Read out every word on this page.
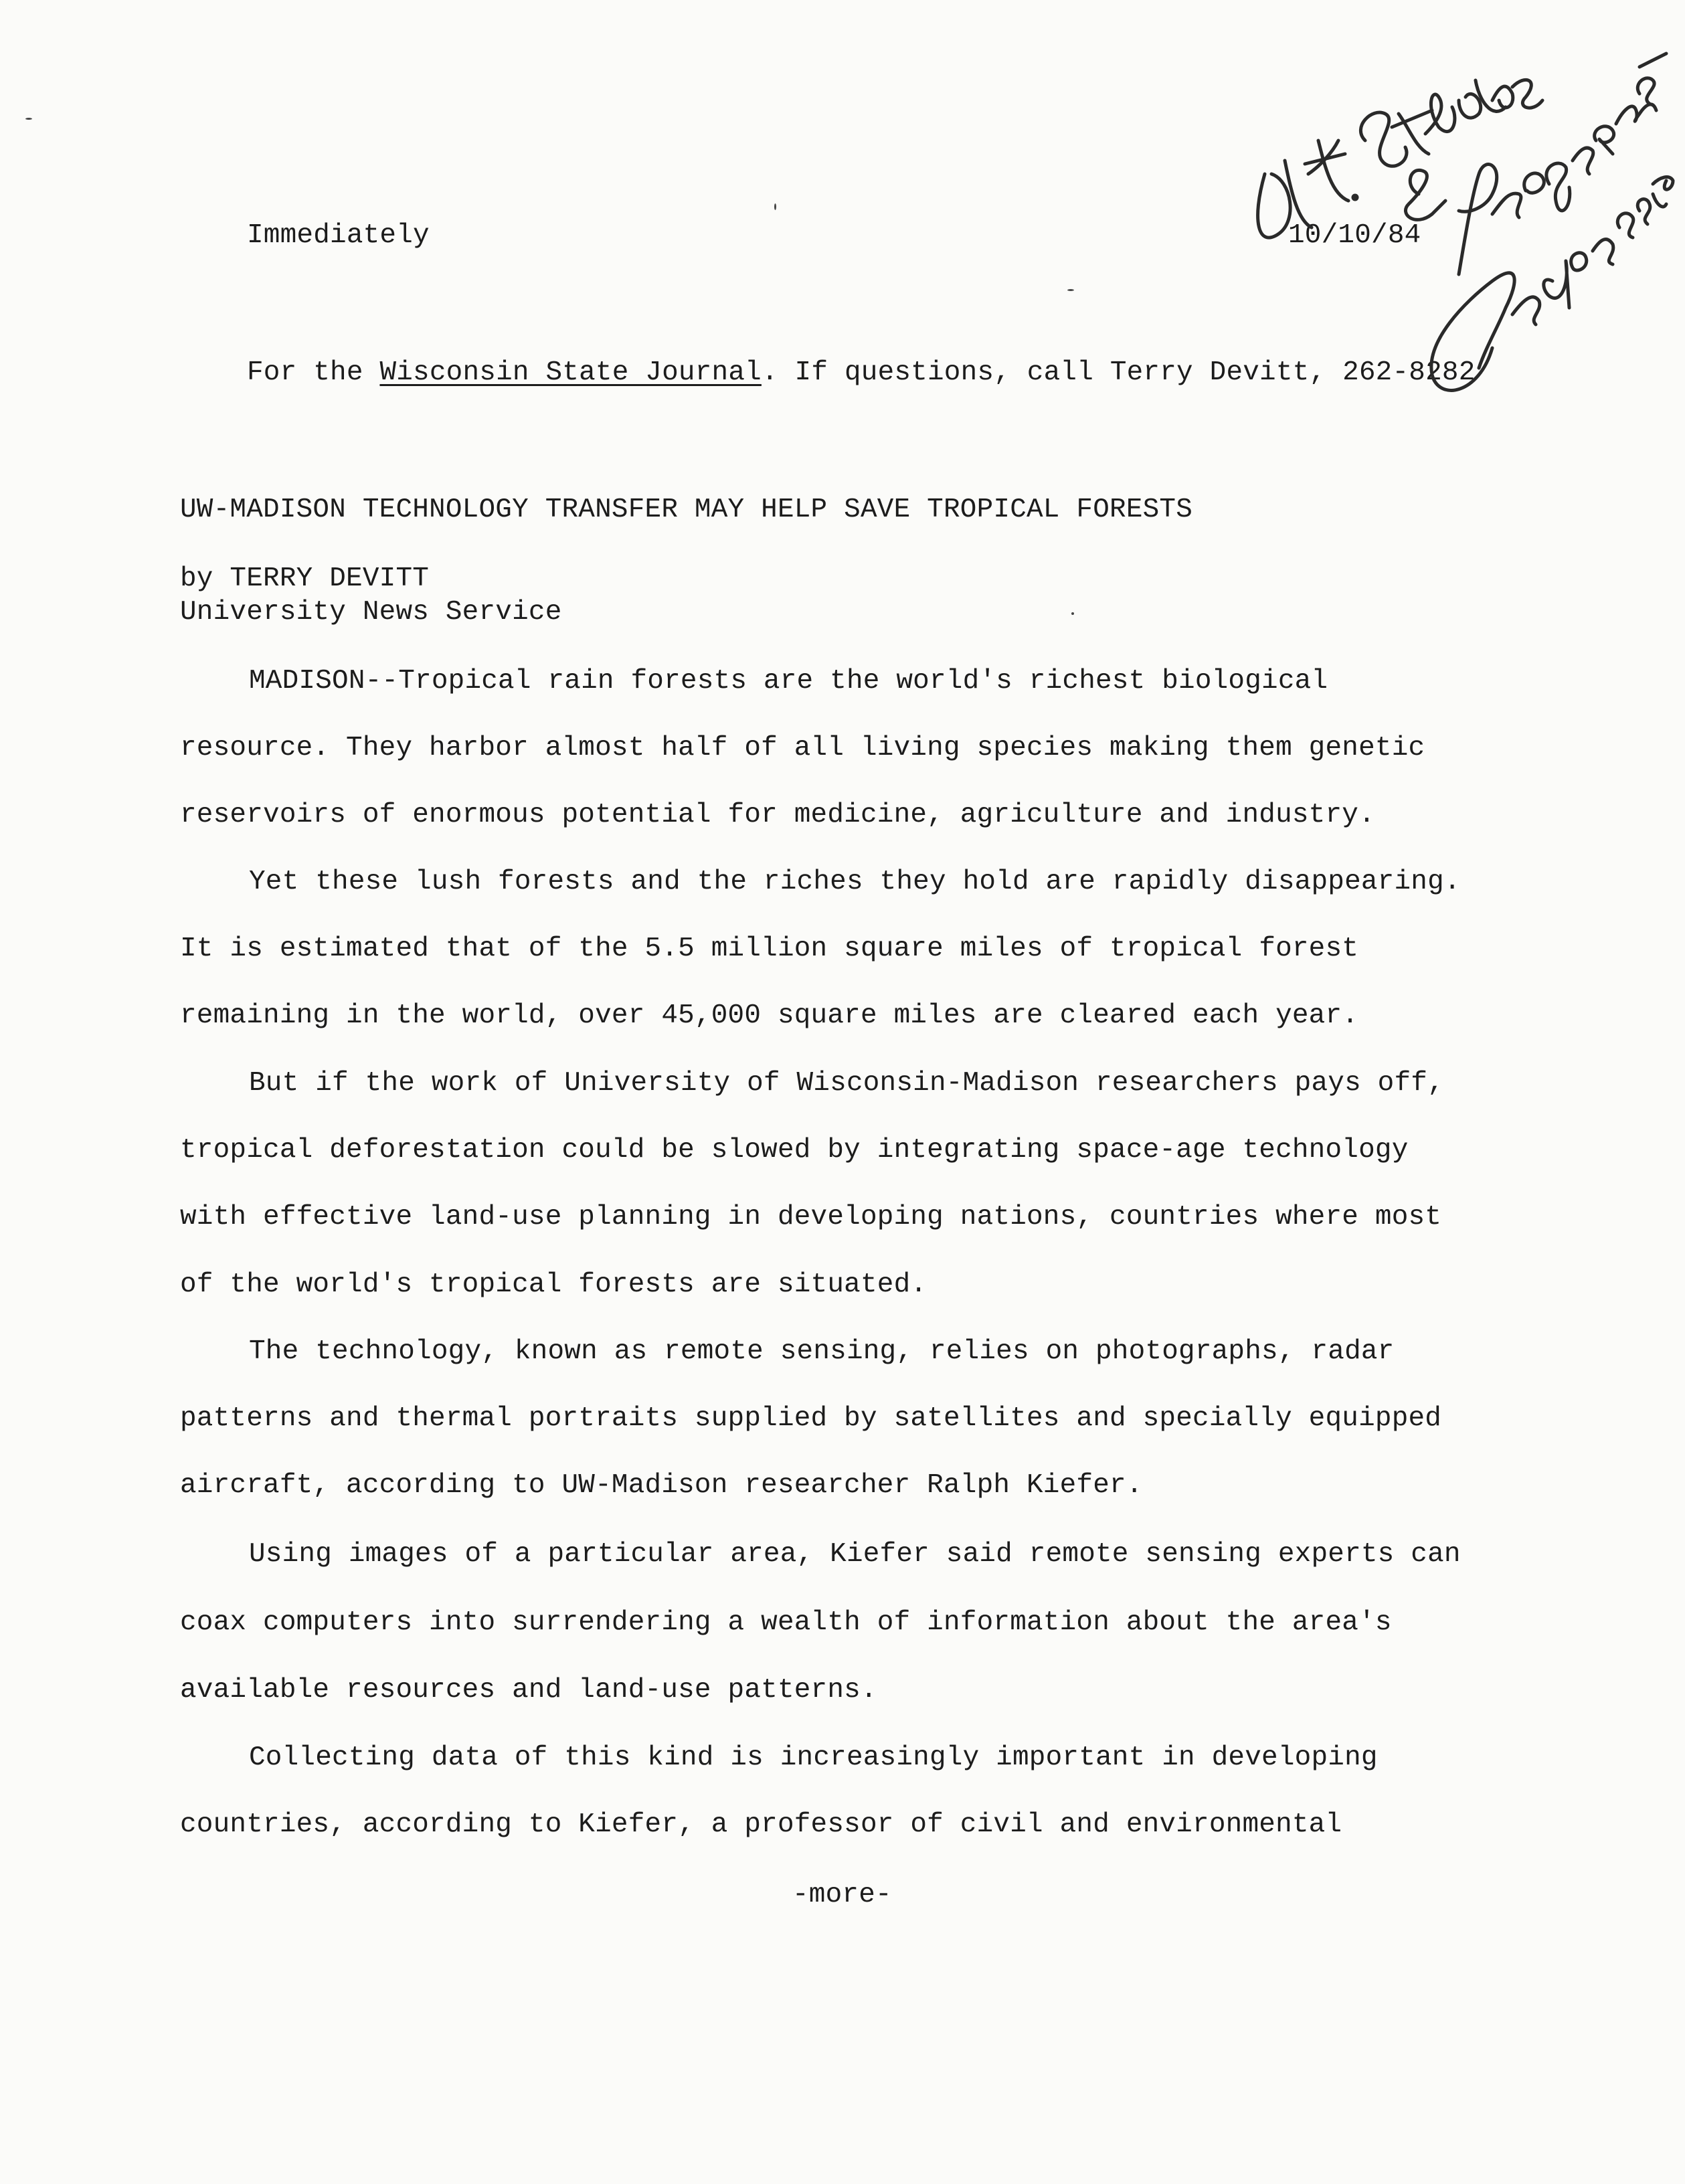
Immediately	10/10/84
For the Wisconsin State Journal. If questions, call Terry Devitt, 262-8282
UW-MADISON TECHNOLOGY TRANSFER MAY HELP SAVE TROPICAL FORESTS
by TERRY DEVITT
University News Service
MADISON--Tropical rain forests are the world's richest biological
resource. They harbor almost half of all living species making them genetic
reservoirs of enormous potential for medicine, agriculture and industry.
Yet these lush forests and the riches they hold are rapidly disappearing.
It is estimated that of the 5.5 million square miles of tropical forest
remaining in the world, over 45,000 square miles are cleared each year.
But if the work of University of Wisconsin-Madison researchers pays off,
tropical deforestation could be slowed by integrating space-age technology
with effective land-use planning in developing nations, countries where most
of the world's tropical forests are situated.
The technology, known as remote sensing, relies on photographs, radar
patterns and thermal portraits supplied by satellites and specially equipped
aircraft, according to UW-Madison researcher Ralph Kiefer.
Using images of a particular area, Kiefer said remote sensing experts can
coax computers into surrendering a wealth of information about the area's
available resources and land-use patterns.
Collecting data of this kind is increasingly important in developing
countries, according to Kiefer, a professor of civil and environmental
-more-
